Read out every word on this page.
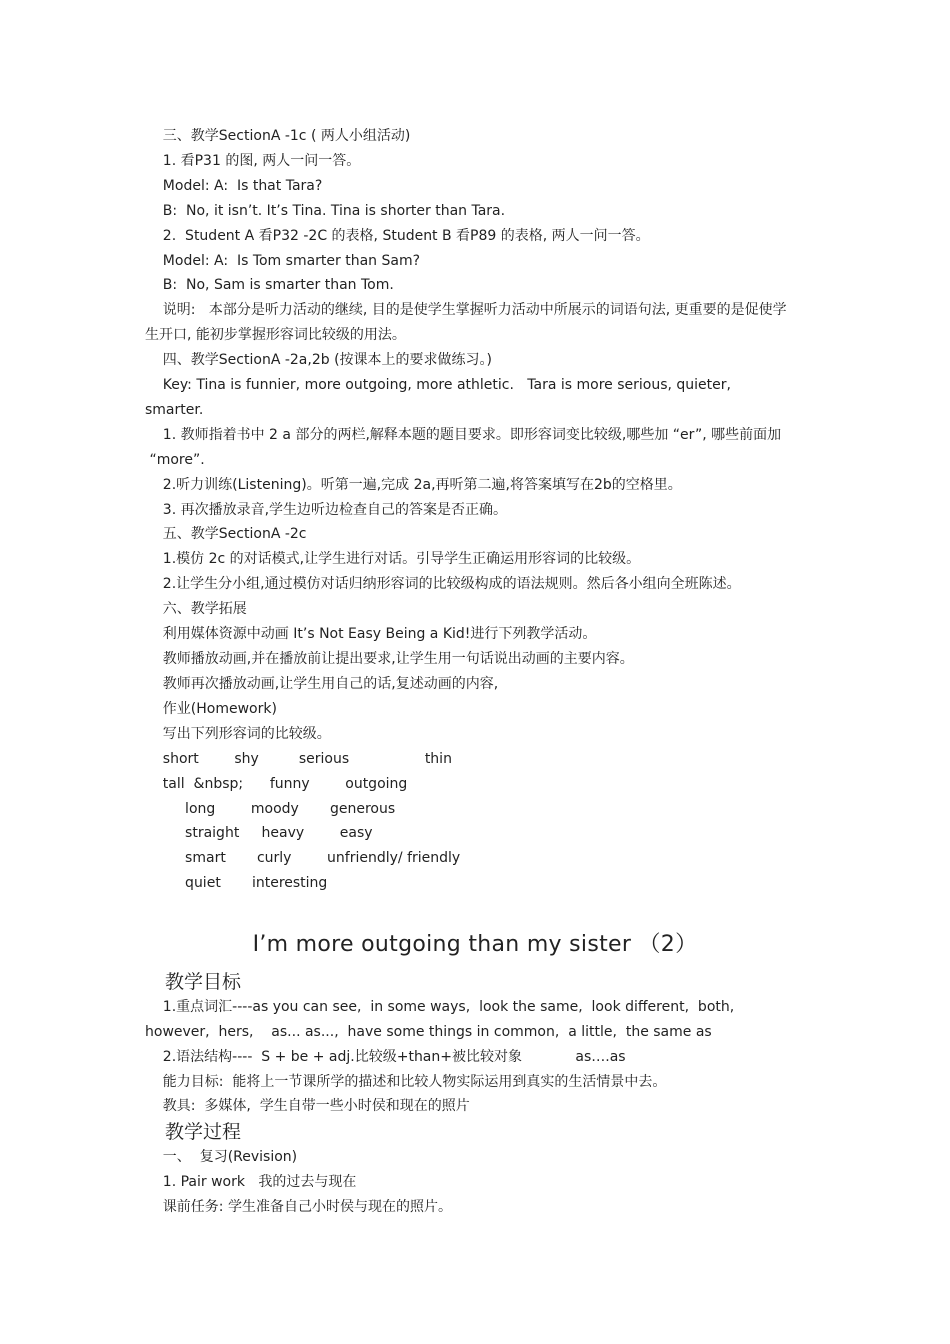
三、教学SectionA -1c ( 两人小组活动)
1. 看P31 的图, 两人一问一答。
Model: A:  Is that Tara?
B:  No, it isn’t. It’s Tina. Tina is shorter than Tara.
2.  Student A 看P32 -2C 的表格, Student B 看P89 的表格, 两人一问一答。
Model: A:  Is Tom smarter than Sam?
B:  No, Sam is smarter than Tom.
说明:   本部分是听力活动的继续, 目的是使学生掌握听力活动中所展示的词语句法, 更重要的是促使学
生开口, 能初步掌握形容词比较级的用法。
四、教学SectionA -2a,2b (按课本上的要求做练习。)
Key: Tina is funnier, more outgoing, more athletic.   Tara is more serious, quieter,
smarter.
1. 教师指着书中 2 a 部分的两栏,解释本题的题目要求。即形容词变比较级,哪些加 “er”, 哪些前面加
“more”.
2.听力训练(Listening)。听第一遍,完成 2a,再听第二遍,将答案填写在2b的空格里。
3. 再次播放录音,学生边听边检查自己的答案是否正确。
五、教学SectionA -2c
1.模仿 2c 的对话模式,让学生进行对话。引导学生正确运用形容词的比较级。
2.让学生分小组,通过模仿对话归纳形容词的比较级构成的语法规则。然后各小组向全班陈述。
六、教学拓展
利用媒体资源中动画 It’s Not Easy Being a Kid!进行下列教学活动。
教师播放动画,并在播放前让提出要求,让学生用一句话说出动画的主要内容。
教师再次播放动画,让学生用自己的话,复述动画的内容,
作业(Homework)
写出下列形容词的比较级。
short        shy         serious                 thin
tall  &nbsp;      funny        outgoing
long        moody       generous
straight     heavy        easy
smart       curly        unfriendly/ friendly
quiet       interesting
I’m more outgoing than my sister （2）
教学目标
1.重点词汇----as you can see,  in some ways,  look the same,  look different,  both,
however,  hers,    as... as...,  have some things in common,  a little,  the same as
2.语法结构----  S + be + adj.比较级+than+被比较对象            as….as
能力目标:  能将上一节课所学的描述和比较人物实际运用到真实的生活情景中去。
教具:  多媒体,  学生自带一些小时侯和现在的照片
教学过程
一、  复习(Revision)
1. Pair work   我的过去与现在
课前任务: 学生准备自己小时侯与现在的照片。
